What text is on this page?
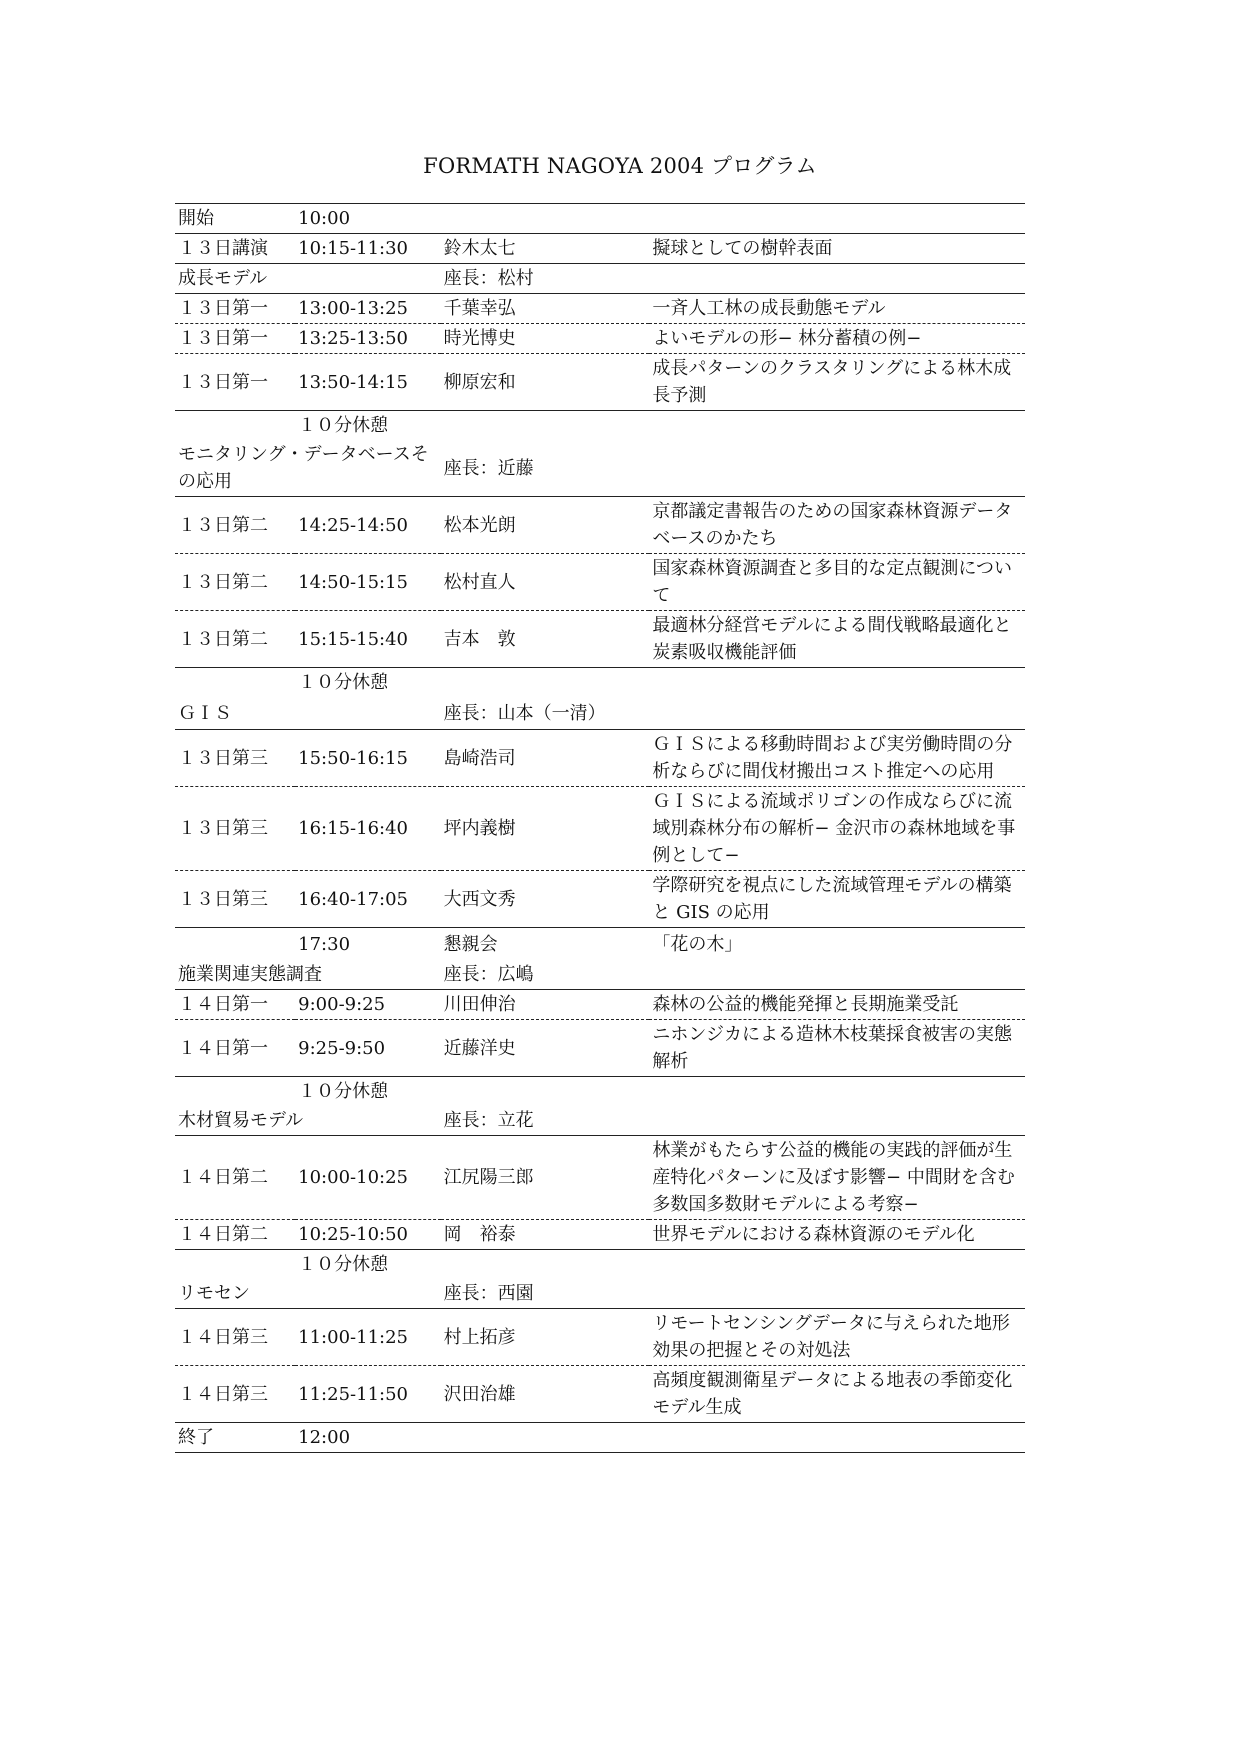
FORMATH NAGOYA 2004 プログラム
開始	10:00		
１３日講演	10:15-11:30	鈴木太七	擬球としての樹幹表面
成長モデル		座長：松村	
１３日第一	13:00-13:25	千葉幸弘	一斉人工林の成長動態モデル
１３日第一	13:25-13:50	時光博史	よいモデルの形− 林分蓄積の例−
１３日第一	13:50-14:15	柳原宏和	成長パターンのクラスタリングによる林木成長予測
	１０分休憩		
モニタリング・データベースその応用		座長：近藤	
１３日第二	14:25-14:50	松本光朗	京都議定書報告のための国家森林資源データベースのかたち
１３日第二	14:50-15:15	松村直人	国家森林資源調査と多目的な定点観測について
１３日第二	15:15-15:40	吉本　敦	最適林分経営モデルによる間伐戦略最適化と炭素吸収機能評価
	１０分休憩		
ＧＩＳ		座長：山本（一清）	
１３日第三	15:50-16:15	島崎浩司	ＧＩＳによる移動時間および実労働時間の分析ならびに間伐材搬出コスト推定への応用
１３日第三	16:15-16:40	坪内義樹	ＧＩＳによる流域ポリゴンの作成ならびに流域別森林分布の解析− 金沢市の森林地域を事例として−
１３日第三	16:40-17:05	大西文秀	学際研究を視点にした流域管理モデルの構築と GIS の応用
	17:30	懇親会	「花の木」
施業関連実態調査		座長：広嶋	
１４日第一	9:00-9:25	川田伸治	森林の公益的機能発揮と長期施業受託
１４日第一	9:25-9:50	近藤洋史	ニホンジカによる造林木枝葉採食被害の実態解析
	１０分休憩		
木材貿易モデル		座長：立花	
１４日第二	10:00-10:25	江尻陽三郎	林業がもたらす公益的機能の実践的評価が生産特化パターンに及ぼす影響− 中間財を含む多数国多数財モデルによる考察−
１４日第二	10:25-10:50	岡　裕泰	世界モデルにおける森林資源のモデル化
	１０分休憩		
リモセン		座長：西園	
１４日第三	11:00-11:25	村上拓彦	リモートセンシングデータに与えられた地形効果の把握とその対処法
１４日第三	11:25-11:50	沢田治雄	高頻度観測衛星データによる地表の季節変化モデル生成
終了	12:00		
